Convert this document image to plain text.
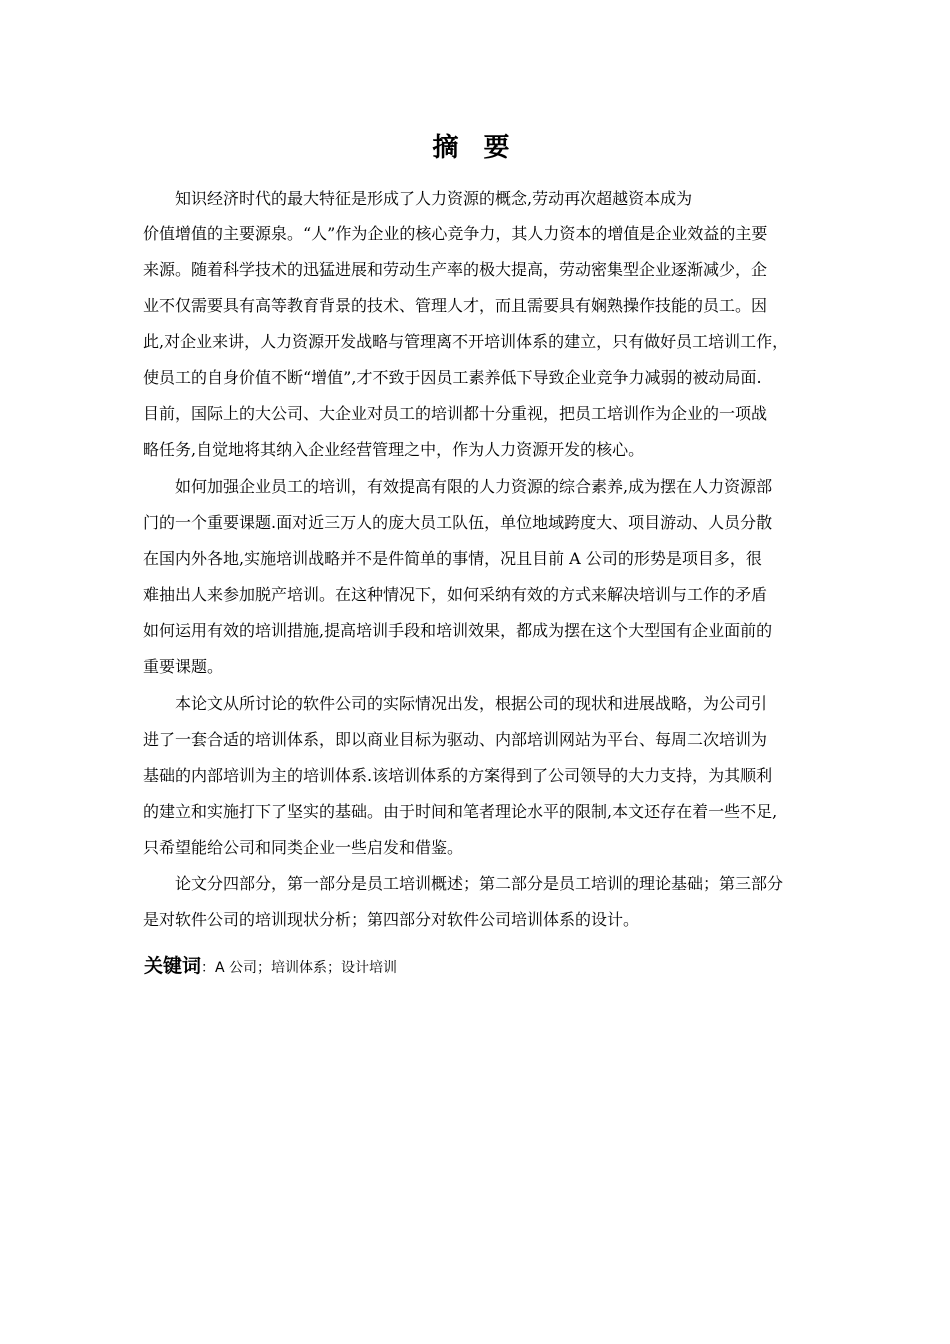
摘 要
知识经济时代的最大特征是形成了人力资源的概念,劳动再次超越资本成为
价值增值的主要源泉。“人”作为企业的核心竞争力，其人力资本的增值是企业效益的主要
来源。随着科学技术的迅猛进展和劳动生产率的极大提高，劳动密集型企业逐渐减少，企
业不仅需要具有高等教育背景的技术、管理人才，而且需要具有娴熟操作技能的员工。因
此,对企业来讲，人力资源开发战略与管理离不开培训体系的建立，只有做好员工培训工作，
使员工的自身价值不断“增值”,才不致于因员工素养低下导致企业竞争力减弱的被动局面.
目前，国际上的大公司、大企业对员工的培训都十分重视，把员工培训作为企业的一项战
略任务,自觉地将其纳入企业经营管理之中，作为人力资源开发的核心。
如何加强企业员工的培训，有效提高有限的人力资源的综合素养,成为摆在人力资源部
门的一个重要课题.面对近三万人的庞大员工队伍，单位地域跨度大、项目游动、人员分散
在国内外各地,实施培训战略并不是件简单的事情，况且目前 A 公司的形势是项目多，很
难抽出人来参加脱产培训。在这种情况下，如何采纳有效的方式来解决培训与工作的矛盾
如何运用有效的培训措施,提高培训手段和培训效果，都成为摆在这个大型国有企业面前的
重要课题。
本论文从所讨论的软件公司的实际情况出发，根据公司的现状和进展战略，为公司引
进了一套合适的培训体系，即以商业目标为驱动、内部培训网站为平台、每周二次培训为
基础的内部培训为主的培训体系.该培训体系的方案得到了公司领导的大力支持，为其顺利
的建立和实施打下了坚实的基础。由于时间和笔者理论水平的限制,本文还存在着一些不足,
只希望能给公司和同类企业一些启发和借鉴。
论文分四部分，第一部分是员工培训概述；第二部分是员工培训的理论基础；第三部分
是对软件公司的培训现状分析；第四部分对软件公司培训体系的设计。
关键词：A 公司；培训体系；设计培训
